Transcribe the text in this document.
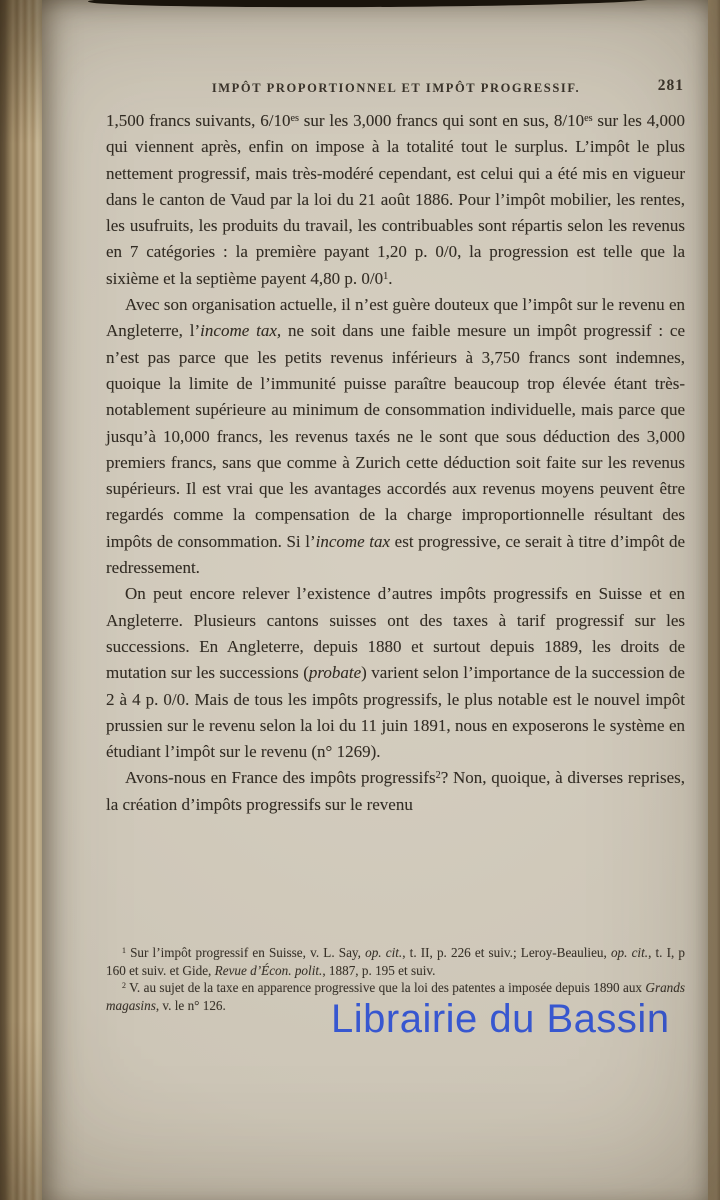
IMPÔT PROPORTIONNEL ET IMPÔT PROGRESSIF.	281

1,500 francs suivants, $6/10^{es}$ sur les 3,000 francs qui sont en sus, $8/10^{es}$ sur les 4,000 qui viennent après, enfin on impose à la totalité tout le surplus. L’impôt le plus nettement progressif, mais très-modéré cependant, est celui qui a été mis en vigueur dans le canton de Vaud par la loi du 21 août 1886. Pour l’impôt mobilier, les rentes, les usufruits, les produits du travail, les contribuables sont répartis selon les revenus en 7 catégories : la première payant 1,20 p. 0/0, la progression est telle que la sixième et la septième payent 4,80 p. $0/0^1$.

Avec son organisation actuelle, il n’est guère douteux que l’impôt sur le revenu en Angleterre, l’income tax, ne soit dans une faible mesure un impôt progressif : ce n’est pas parce que les petits revenus inférieurs à 3,750 francs sont indemnes, quoique la limite de l’immunité puisse paraître beaucoup trop élevée étant très-notablement supérieure au minimum de consommation individuelle, mais parce que jusqu’à 10,000 francs, les revenus taxés ne le sont que sous déduction des 3,000 premiers francs, sans que comme à Zurich cette déduction soit faite sur les revenus supérieurs. Il est vrai que les avantages accordés aux revenus moyens peuvent être regardés comme la compensation de la charge improportionnelle résultant des impôts de consommation. Si l’income tax est progressive, ce serait à titre d’impôt de redressement.

On peut encore relever l’existence d’autres impôts progressifs en Suisse et en Angleterre. Plusieurs cantons suisses ont des taxes à tarif progressif sur les successions. En Angleterre, depuis 1880 et surtout depuis 1889, les droits de mutation sur les successions (probate) varient selon l’importance de la succession de 2 à 4 p. 0/0. Mais de tous les impôts progressifs, le plus notable est le nouvel impôt prussien sur le revenu selon la loi du 11 juin 1891, nous en exposerons le système en étudiant l’impôt sur le revenu (n° 1269).

Avons-nous en France des impôts progressifs$^2$? Non, quoique, à diverses reprises, la création d’impôts progressifs sur le revenu

$^1$ Sur l’impôt progressif en Suisse, v. L. Say, op. cit., t. II, p. 226 et suiv.; Leroy-Beaulieu, op. cit., t. I, p 160 et suiv. et Gide, Revue d’Écon. polit., 1887, p. 195 et suiv.

$^2$ V. au sujet de la taxe en apparence progressive que la loi des patentes a imposée depuis 1890 aux Grands magasins, v. le n° 126.	Librairie du Bassin
